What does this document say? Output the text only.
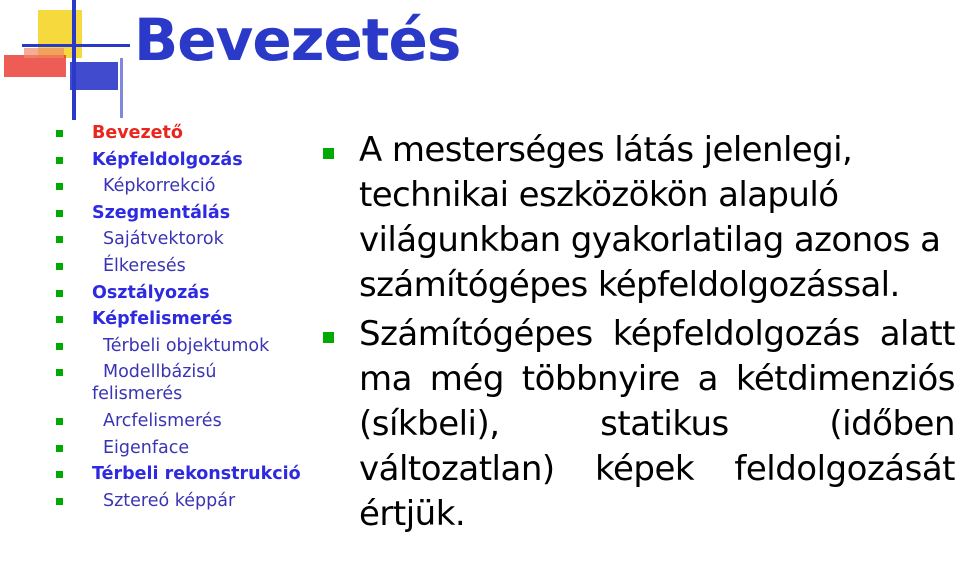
Bevezetés
Bevezető
Képfeldolgozás
Képkorrekció
Szegmentálás
Sajátvektorok
Élkeresés
Osztályozás
Képfelismerés
Térbeli objektumok
Modellbázisú felismerés
Arcfelismerés
Eigenface
Térbeli rekonstrukció
Sztereó képpár
A mesterséges látás jelenlegi, technikai eszközökön alapuló világunkban gyakorlatilag azonos a számítógépes képfeldolgozással.
Számítógépes képfeldolgozás alatt ma még többnyire a kétdimenziós (síkbeli), statikus (időben változatlan) képek feldolgozását értjük.
